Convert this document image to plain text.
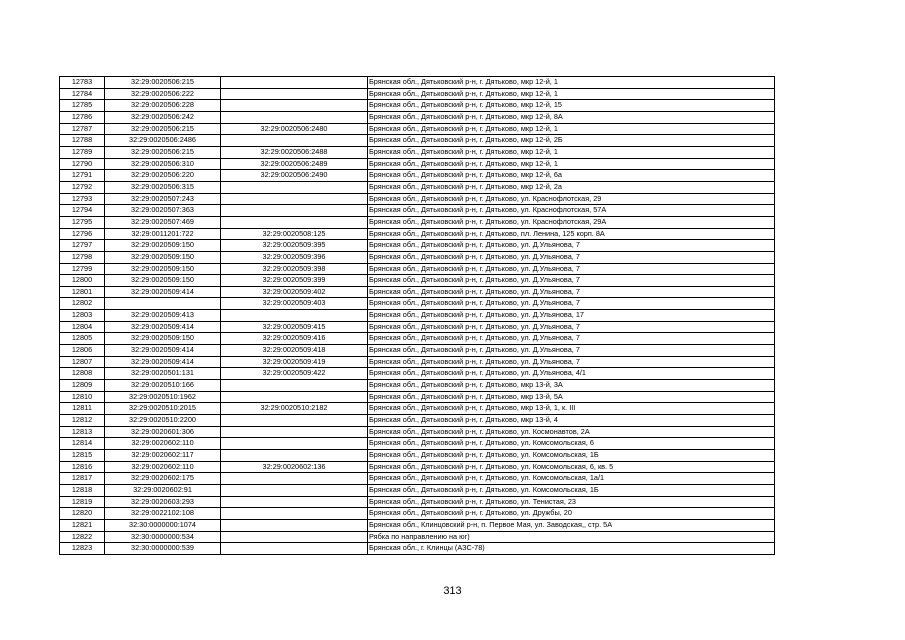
12783	32:29:0020506:215		Брянская обл., Дятьковский р-н, г. Дятьково, мкр 12-й, 1
12784	32:29:0020506:222		Брянская обл., Дятьковский р-н, г. Дятьково, мкр 12-й, 1
12785	32:29:0020506:228		Брянская обл., Дятьковский р-н, г. Дятьково, мкр 12-й, 15
12786	32:29:0020506:242		Брянская обл., Дятьковский р-н, г. Дятьково, мкр 12-й, 8А
12787	32:29:0020506:215	32:29:0020506:2480	Брянская обл., Дятьковский р-н, г. Дятьково, мкр 12-й, 1
12788	32:29:0020506:2486		Брянская обл., Дятьковский р-н, г. Дятьково, мкр 12-й, 2Б
12789	32:29:0020506:215	32:29:0020506:2488	Брянская обл., Дятьковский р-н, г. Дятьково, мкр 12-й, 1
12790	32:29:0020506:310	32:29:0020506:2489	Брянская обл., Дятьковский р-н, г. Дятьково, мкр 12-й, 1
12791	32:29:0020506:220	32:29:0020506:2490	Брянская обл., Дятьковский р-н, г. Дятьково, мкр 12-й, 6а
12792	32:29:0020506:315		Брянская обл., Дятьковский р-н, г. Дятьково, мкр 12-й, 2а
12793	32:29:0020507:243		Брянская обл., Дятьковский р-н, г. Дятьково, ул. Краснофлотская, 29
12794	32:29:0020507:363		Брянская обл., Дятьковский р-н, г. Дятьково, ул. Краснофлотская, 57А
12795	32:29:0020507:469		Брянская обл., Дятьковский р-н, г. Дятьково, ул. Краснофлотская, 29А
12796	32:29:0011201:722	32:29:0020508:125	Брянская обл., Дятьковский р-н, г. Дятьково, пл. Ленина, 125 корп. 8А
12797	32:29:0020509:150	32:29:0020509:395	Брянская обл., Дятьковский р-н, г. Дятьково, ул. Д.Ульянова, 7
12798	32:29:0020509:150	32:29:0020509:396	Брянская обл., Дятьковский р-н, г. Дятьково, ул. Д.Ульянова, 7
12799	32:29:0020509:150	32:29:0020509:398	Брянская обл., Дятьковский р-н, г. Дятьково, ул. Д.Ульянова, 7
12800	32:29:0020509:150	32:29:0020509:399	Брянская обл., Дятьковский р-н, г. Дятьково, ул. Д.Ульянова, 7
12801	32:29:0020509:414	32:29:0020509:402	Брянская обл., Дятьковский р-н, г. Дятьково, ул. Д.Ульянова, 7
12802		32:29:0020509:403	Брянская обл., Дятьковский р-н, г. Дятьково, ул. Д.Ульянова, 7
12803	32:29:0020509:413		Брянская обл., Дятьковский р-н, г. Дятьково, ул. Д.Ульянова, 17
12804	32:29:0020509:414	32:29:0020509:415	Брянская обл., Дятьковский р-н, г. Дятьково, ул. Д.Ульянова, 7
12805	32:29:0020509:150	32:29:0020509:416	Брянская обл., Дятьковский р-н, г. Дятьково, ул. Д.Ульянова, 7
12806	32:29:0020509:414	32:29:0020509:418	Брянская обл., Дятьковский р-н, г. Дятьково, ул. Д.Ульянова, 7
12807	32:29:0020509:414	32:29:0020509:419	Брянская обл., Дятьковский р-н, г. Дятьково, ул. Д.Ульянова, 7
12808	32:29:0020501:131	32:29:0020509:422	Брянская обл., Дятьковский р-н, г. Дятьково, ул. Д.Ульянова, 4/1
12809	32:29:0020510:166		Брянская обл., Дятьковский р-н, г. Дятьково, мкр 13-й, 3А
12810	32:29:0020510:1962		Брянская обл., Дятьковский р-н, г. Дятьково, мкр 13-й, 5А
12811	32:29:0020510:2015	32:29:0020510:2182	Брянская обл., Дятьковский р-н, г. Дятьково, мкр 13-й, 1, к. III
12812	32:29:0020510:2200		Брянская обл., Дятьковский р-н, г. Дятьково, мкр 13-й, 4
12813	32:29:0020601:306		Брянская обл., Дятьковский р-н, г. Дятьково, ул. Космонавтов, 2А
12814	32:29:0020602:110		Брянская обл., Дятьковский р-н, г. Дятьково, ул. Комсомольская, 6
12815	32:29:0020602:117		Брянская обл., Дятьковский р-н, г. Дятьково, ул. Комсомольская, 1Б
12816	32:29:0020602:110	32:29:0020602:136	Брянская обл., Дятьковский р-н, г. Дятьково, ул. Комсомольская, 6, кв. 5
12817	32:29:0020602:175		Брянская обл., Дятьковский р-н, г. Дятьково, ул. Комсомольская, 1а/1
12818	32:29:0020602:91		Брянская обл., Дятьковский р-н, г. Дятьково, ул. Комсомольская, 1Б
12819	32:29:0020603:293		Брянская обл., Дятьковский р-н, г. Дятьково, ул. Тенистая, 23
12820	32:29:0022102:108		Брянская обл., Дятьковский р-н, г. Дятьково, ул. Дружбы, 20
12821	32:30:0000000:1074		Брянская обл., Клинцовский р-н, п. Первое Мая, ул. Заводская,, стр. 5А
12822	32:30:0000000:534		Рябка по направлению на юг)
12823	32:30:0000000:539		Брянская обл., г. Клинцы (АЗС-78)
313
